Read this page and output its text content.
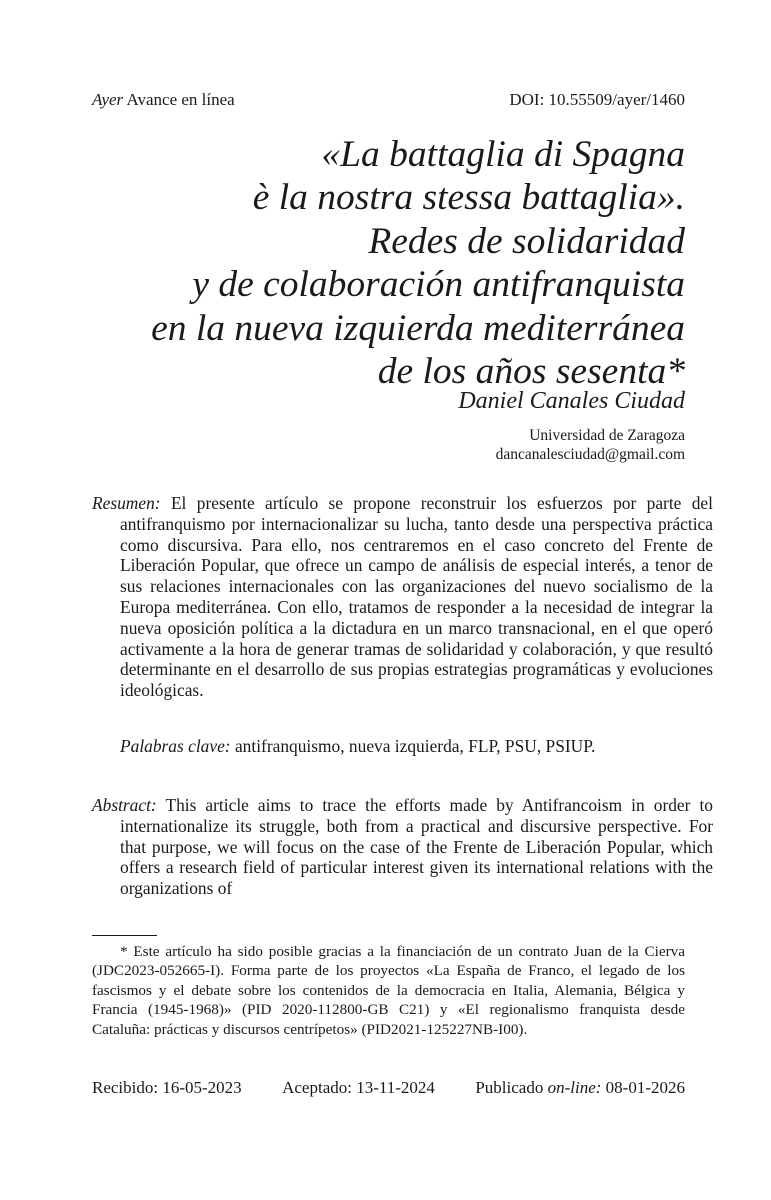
Ayer Avance en línea	DOI: 10.55509/ayer/1460
«La battaglia di Spagna
è la nostra stessa battaglia».
Redes de solidaridad
y de colaboración antifranquista
en la nueva izquierda mediterránea
de los años sesenta*
Daniel Canales Ciudad
Universidad de Zaragoza
dancanalesciudad@gmail.com
Resumen: El presente artículo se propone reconstruir los esfuerzos por parte del antifranquismo por internacionalizar su lucha, tanto desde una perspectiva práctica como discursiva. Para ello, nos centraremos en el caso concreto del Frente de Liberación Popular, que ofrece un campo de análisis de especial interés, a tenor de sus relaciones internacionales con las organizaciones del nuevo socialismo de la Europa mediterránea. Con ello, tratamos de responder a la necesidad de integrar la nueva oposición política a la dictadura en un marco transnacional, en el que operó activamente a la hora de generar tramas de solidaridad y colaboración, y que resultó determinante en el desarrollo de sus propias estrategias programáticas y evoluciones ideológicas.
Palabras clave: antifranquismo, nueva izquierda, FLP, PSU, PSIUP.
Abstract: This article aims to trace the efforts made by Antifrancoism in order to internationalize its struggle, both from a practical and discursive perspective. For that purpose, we will focus on the case of the Frente de Liberación Popular, which offers a research field of particular interest given its international relations with the organizations of
* Este artículo ha sido posible gracias a la financiación de un contrato Juan de la Cierva (JDC2023-052665-I). Forma parte de los proyectos «La España de Franco, el legado de los fascismos y el debate sobre los contenidos de la democracia en Italia, Alemania, Bélgica y Francia (1945-1968)» (PID 2020-112800-GB C21) y «El regionalismo franquista desde Cataluña: prácticas y discursos centrípetos» (PID2021-125227NB-I00).
Recibido: 16-05-2023 Aceptado: 13-11-2024 Publicado on-line: 08-01-2026
